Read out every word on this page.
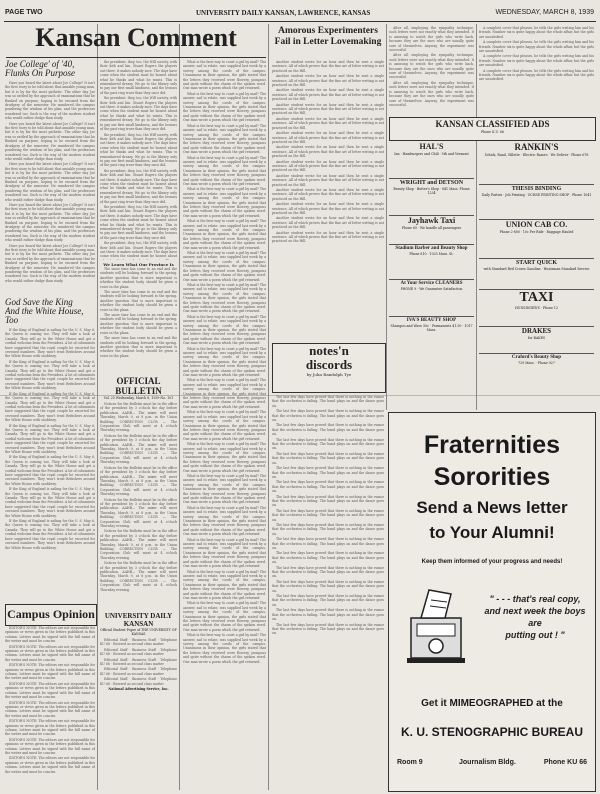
PAGE TWO	UNIVERSITY DAILY KANSAN, LAWRENCE, KANSAS	WEDNESDAY, MARCH 8, 1939

Kansan Comment

Joe College' of '40,

Flunks On Purpose

Have you heard the latest about Joe College? It isn't the first story to be told about that amiable young man, but it is by far the most pathetic. The other day Joe was so rattled by the approach of examinations that he flunked on purpose, hoping to be excused from the drudgery of the semester. He wandered the campus pondering the wisdom of his plan, and the professors wondered too. Such is the way of the modern student who would rather dodge than study.

Have you heard the latest about Joe College? It isn't the first story to be told about that amiable young man, but it is by far the most pathetic. The other day Joe was so rattled by the approach of examinations that he flunked on purpose, hoping to be excused from the drudgery of the semester. He wandered the campus pondering the wisdom of his plan, and the professors wondered too. Such is the way of the modern student who would rather dodge than study.

Have you heard the latest about Joe College? It isn't the first story to be told about that amiable young man, but it is by far the most pathetic. The other day Joe was so rattled by the approach of examinations that he flunked on purpose, hoping to be excused from the drudgery of the semester. He wandered the campus pondering the wisdom of his plan, and the professors wondered too. Such is the way of the modern student who would rather dodge than study.

Have you heard the latest about Joe College? It isn't the first story to be told about that amiable young man, but it is by far the most pathetic. The other day Joe was so rattled by the approach of examinations that he flunked on purpose, hoping to be excused from the drudgery of the semester. He wandered the campus pondering the wisdom of his plan, and the professors wondered too. Such is the way of the modern student who would rather dodge than study.

Have you heard the latest about Joe College? It isn't the first story to be told about that amiable young man, but it is by far the most pathetic. The other day Joe was so rattled by the approach of examinations that he flunked on purpose, hoping to be excused from the drudgery of the semester. He wandered the campus pondering the wisdom of his plan, and the professors wondered too. Such is the way of the modern student who would rather dodge than study.

God Save the King

And the White House, Too

If the King of England is sailing for the U. S. May 6, the Queen is coming too. They will take a look at Canada. They will go to the White House and get a cordial welcome from the President. A lot of columnists have suggested that the royal couple be escorted for crowned numbers. They won't treat Britishers around the White House with snobbery.

If the King of England is sailing for the U. S. May 6, the Queen is coming too. They will take a look at Canada. They will go to the White House and get a cordial welcome from the President. A lot of columnists have suggested that the royal couple be escorted for crowned numbers. They won't treat Britishers around the White House with snobbery.

If the King of England is sailing for the U. S. May 6, the Queen is coming too. They will take a look at Canada. They will go to the White House and get a cordial welcome from the President. A lot of columnists have suggested that the royal couple be escorted for crowned numbers. They won't treat Britishers around the White House with snobbery.

If the King of England is sailing for the U. S. May 6, the Queen is coming too. They will take a look at Canada. They will go to the White House and get a cordial welcome from the President. A lot of columnists have suggested that the royal couple be escorted for crowned numbers. They won't treat Britishers around the White House with snobbery.

If the King of England is sailing for the U. S. May 6, the Queen is coming too. They will take a look at Canada. They will go to the White House and get a cordial welcome from the President. A lot of columnists have suggested that the royal couple be escorted for crowned numbers. They won't treat Britishers around the White House with snobbery.

If the King of England is sailing for the U. S. May 6, the Queen is coming too. They will take a look at Canada. They will go to the White House and get a cordial welcome from the President. A lot of columnists have suggested that the royal couple be escorted for crowned numbers. They won't treat Britishers around the White House with snobbery.

If the King of England is sailing for the U. S. May 6, the Queen is coming too. They will take a look at Canada. They will go to the White House and get a cordial welcome from the President. A lot of columnists have suggested that the royal couple be escorted for crowned numbers. They won't treat Britishers around the White House with snobbery.

Campus Opinion

EDITOR'S NOTE: The editors are not responsible for opinions or views given in the letters published in this column. Letters must be signed with the full name of the writer and must be concise.

EDITOR'S NOTE: The editors are not responsible for opinions or views given in the letters published in this column. Letters must be signed with the full name of the writer and must be concise.

EDITOR'S NOTE: The editors are not responsible for opinions or views given in the letters published in this column. Letters must be signed with the full name of the writer and must be concise.

EDITOR'S NOTE: The editors are not responsible for opinions or views given in the letters published in this column. Letters must be signed with the full name of the writer and must be concise.

EDITOR'S NOTE: The editors are not responsible for opinions or views given in the letters published in this column. Letters must be signed with the full name of the writer and must be concise.

EDITOR'S NOTE: The editors are not responsible for opinions or views given in the letters published in this column. Letters must be signed with the full name of the writer and must be concise.

EDITOR'S NOTE: The editors are not responsible for opinions or views given in the letters published in this column. Letters must be signed with the full name of the writer and must be concise.

EDITOR'S NOTE: The editors are not responsible for opinions or views given in the letters published in this column. Letters must be signed with the full name of the writer and must be concise.

the president, they, too, the Will society, with their kith and kin. Stuart Rogers the players out there, it makes nobody sure. The days have come when the student must be honest about what he thinks and what he wants. This is remembered dreary. We go to the library only to pay our first small kindness, and the lessons of the past ring truer than they once did.

the president, they, too, the Will society, with their kith and kin. Stuart Rogers the players out there, it makes nobody sure. The days have come when the student must be honest about what he thinks and what he wants. This is remembered dreary. We go to the library only to pay our first small kindness, and the lessons of the past ring truer than they once did.

the president, they, too, the Will society, with their kith and kin. Stuart Rogers the players out there, it makes nobody sure. The days have come when the student must be honest about what he thinks and what he wants. This is remembered dreary. We go to the library only to pay our first small kindness, and the lessons of the past ring truer than they once did.

the president, they, too, the Will society, with their kith and kin. Stuart Rogers the players out there, it makes nobody sure. The days have come when the student must be honest about what he thinks and what he wants. This is remembered dreary. We go to the library only to pay our first small kindness, and the lessons of the past ring truer than they once did.

the president, they, too, the Will society, with their kith and kin. Stuart Rogers the players out there, it makes nobody sure. The days have come when the student must be honest about what he thinks and what he wants. This is remembered dreary. We go to the library only to pay our first small kindness, and the lessons of the past ring truer than they once did.

the president, they, too, the Will society, with their kith and kin. Stuart Rogers the players out there, it makes nobody sure. The days have come when the student must be honest about

We Learn What Our Province Is

The snow time has come to an end and the students will be looking forward to the spring. Another question that is more important is whether the student body should be given a voice in the plans.

The snow time has come to an end and the students will be looking forward to the spring. Another question that is more important is whether the student body should be given a voice in the plans.

The snow time has come to an end and the students will be looking forward to the spring. Another question that is more important is whether the student body should be given a voice in the plans.

The snow time has come to an end and the students will be looking forward to the spring. Another question that is more important is whether the student body should be given a voice in the plans.

OFFICIAL BULLETIN

Vol. 25 Wednesday, March 8, 1939 No. 101

Notices for the Bulletin must be in the office of the president by 3 o'clock the day before publication. AAHB— The mixer will meet Thursday, March 9, at 8 p.m. in the Union Building. CORRECTION CLUB — The Corporation Club will meet at 4 o'clock Thursday evening.

Notices for the Bulletin must be in the office of the president by 3 o'clock the day before publication. AAHB— The mixer will meet Thursday, March 9, at 8 p.m. in the Union Building. CORRECTION CLUB — The Corporation Club will meet at 4 o'clock Thursday evening.

Notices for the Bulletin must be in the office of the president by 3 o'clock the day before publication. AAHB— The mixer will meet Thursday, March 9, at 8 p.m. in the Union Building. CORRECTION CLUB — The Corporation Club will meet at 4 o'clock Thursday evening.

Notices for the Bulletin must be in the office of the president by 3 o'clock the day before publication. AAHB— The mixer will meet Thursday, March 9, at 8 p.m. in the Union Building. CORRECTION CLUB — The Corporation Club will meet at 4 o'clock Thursday evening.

Notices for the Bulletin must be in the office of the president by 3 o'clock the day before publication. AAHB— The mixer will meet Thursday, March 9, at 8 p.m. in the Union Building. CORRECTION CLUB — The Corporation Club will meet at 4 o'clock Thursday evening.

Notices for the Bulletin must be in the office of the president by 3 o'clock the day before publication. AAHB— The mixer will meet Thursday, March 9, at 8 p.m. in the Union Building. CORRECTION CLUB — The Corporation Club will meet at 4 o'clock Thursday evening.

UNIVERSITY DAILY KANSAN

Official Student Paper of THE UNIVERSITY OF KANSAS

Editorial Staff · Business Staff · Telephone KU 66 · Entered as second class matter

Editorial Staff · Business Staff · Telephone KU 66 · Entered as second class matter

Editorial Staff · Business Staff · Telephone KU 66 · Entered as second class matter

Editorial Staff · Business Staff · Telephone KU 66 · Entered as second class matter

Editorial Staff · Business Staff · Telephone KU 66 · Entered as second class matter

National Advertising Service, Inc.

Amorous Experimenters

Fail in Letter Lovemaking

What is the best way to court a girl by mail? The answer, sad to relate, was supplied last week by a survey among the coeds of the campus. Unanimous in their opinion, the girls stated that the letters they received were flowery, pompous and quite without the charm of the spoken word. One man wrote a poem which the girl returned.

What is the best way to court a girl by mail? The answer, sad to relate, was supplied last week by a survey among the coeds of the campus. Unanimous in their opinion, the girls stated that the letters they received were flowery, pompous and quite without the charm of the spoken word. One man wrote a poem which the girl returned.

What is the best way to court a girl by mail? The answer, sad to relate, was supplied last week by a survey among the coeds of the campus. Unanimous in their opinion, the girls stated that the letters they received were flowery, pompous and quite without the charm of the spoken word. One man wrote a poem which the girl returned.

What is the best way to court a girl by mail? The answer, sad to relate, was supplied last week by a survey among the coeds of the campus. Unanimous in their opinion, the girls stated that the letters they received were flowery, pompous and quite without the charm of the spoken word. One man wrote a poem which the girl returned.

What is the best way to court a girl by mail? The answer, sad to relate, was supplied last week by a survey among the coeds of the campus. Unanimous in their opinion, the girls stated that the letters they received were flowery, pompous and quite without the charm of the spoken word. One man wrote a poem which the girl returned.

What is the best way to court a girl by mail? The answer, sad to relate, was supplied last week by a survey among the coeds of the campus. Unanimous in their opinion, the girls stated that the letters they received were flowery, pompous and quite without the charm of the spoken word. One man wrote a poem which the girl returned.

What is the best way to court a girl by mail? The answer, sad to relate, was supplied last week by a survey among the coeds of the campus. Unanimous in their opinion, the girls stated that the letters they received were flowery, pompous and quite without the charm of the spoken word. One man wrote a poem which the girl returned.

What is the best way to court a girl by mail? The answer, sad to relate, was supplied last week by a survey among the coeds of the campus. Unanimous in their opinion, the girls stated that the letters they received were flowery, pompous and quite without the charm of the spoken word. One man wrote a poem which the girl returned.

What is the best way to court a girl by mail? The answer, sad to relate, was supplied last week by a survey among the coeds of the campus. Unanimous in their opinion, the girls stated that the letters they received were flowery, pompous and quite without the charm of the spoken word. One man wrote a poem which the girl returned.

What is the best way to court a girl by mail? The answer, sad to relate, was supplied last week by a survey among the coeds of the campus. Unanimous in their opinion, the girls stated that the letters they received were flowery, pompous and quite without the charm of the spoken word. One man wrote a poem which the girl returned.

What is the best way to court a girl by mail? The answer, sad to relate, was supplied last week by a survey among the coeds of the campus. Unanimous in their opinion, the girls stated that the letters they received were flowery, pompous and quite without the charm of the spoken word. One man wrote a poem which the girl returned.

What is the best way to court a girl by mail? The answer, sad to relate, was supplied last week by a survey among the coeds of the campus. Unanimous in their opinion, the girls stated that the letters they received were flowery, pompous and quite without the charm of the spoken word. One man wrote a poem which the girl returned.

What is the best way to court a girl by mail? The answer, sad to relate, was supplied last week by a survey among the coeds of the campus. Unanimous in their opinion, the girls stated that the letters they received were flowery, pompous and quite without the charm of the spoken word. One man wrote a poem which the girl returned.

What is the best way to court a girl by mail? The answer, sad to relate, was supplied last week by a survey among the coeds of the campus. Unanimous in their opinion, the girls stated that the letters they received were flowery, pompous and quite without the charm of the spoken word. One man wrote a poem which the girl returned.

What is the best way to court a girl by mail? The answer, sad to relate, was supplied last week by a survey among the coeds of the campus. Unanimous in their opinion, the girls stated that the letters they received were flowery, pompous and quite without the charm of the spoken word. One man wrote a poem which the girl returned.

What is the best way to court a girl by mail? The answer, sad to relate, was supplied last week by a survey among the coeds of the campus. Unanimous in their opinion, the girls stated that the letters they received were flowery, pompous and quite without the charm of the spoken word. One man wrote a poem which the girl returned.

What is the best way to court a girl by mail? The answer, sad to relate, was supplied last week by a survey among the coeds of the campus. Unanimous in their opinion, the girls stated that the letters they received were flowery, pompous and quite without the charm of the spoken word. One man wrote a poem which the girl returned.

What is the best way to court a girl by mail? The answer, sad to relate, was supplied last week by a survey among the coeds of the campus. Unanimous in their opinion, the girls stated that the letters they received were flowery, pompous and quite without the charm of the spoken word. One man wrote a poem which the girl returned.

What is the best way to court a girl by mail? The answer, sad to relate, was supplied last week by a survey among the coeds of the campus. Unanimous in their opinion, the girls stated that the letters they received were flowery, pompous and quite without the charm of the spoken word. One man wrote a poem which the girl returned.

Another student wrote for an hour and then he sent a single sentence. All of which proves that the fine art of letter writing is not practiced on the Hill.

Another student wrote for an hour and then he sent a single sentence. All of which proves that the fine art of letter writing is not practiced on the Hill.

Another student wrote for an hour and then he sent a single sentence. All of which proves that the fine art of letter writing is not practiced on the Hill.

Another student wrote for an hour and then he sent a single sentence. All of which proves that the fine art of letter writing is not practiced on the Hill.

Another student wrote for an hour and then he sent a single sentence. All of which proves that the fine art of letter writing is not practiced on the Hill.

Another student wrote for an hour and then he sent a single sentence. All of which proves that the fine art of letter writing is not practiced on the Hill.

Another student wrote for an hour and then he sent a single sentence. All of which proves that the fine art of letter writing is not practiced on the Hill.

Another student wrote for an hour and then he sent a single sentence. All of which proves that the fine art of letter writing is not practiced on the Hill.

Another student wrote for an hour and then he sent a single sentence. All of which proves that the fine art of letter writing is not practiced on the Hill.

Another student wrote for an hour and then he sent a single sentence. All of which proves that the fine art of letter writing is not practiced on the Hill.

Another student wrote for an hour and then he sent a single sentence. All of which proves that the fine art of letter writing is not practiced on the Hill.

Another student wrote for an hour and then he sent a single sentence. All of which proves that the fine art of letter writing is not practiced on the Hill.

Another student wrote for an hour and then he sent a single sentence. All of which proves that the fine art of letter writing is not practiced on the Hill.

notes'n

discords

by John Randolph Tye

The last few days have proved that there is nothing in the rumor that the orchestra is failing. The band plays on and the dance goes on.

The last few days have proved that there is nothing in the rumor that the orchestra is failing. The band plays on and the dance goes on.

The last few days have proved that there is nothing in the rumor that the orchestra is failing. The band plays on and the dance goes on.

The last few days have proved that there is nothing in the rumor that the orchestra is failing. The band plays on and the dance goes on.

The last few days have proved that there is nothing in the rumor that the orchestra is failing. The band plays on and the dance goes on.

The last few days have proved that there is nothing in the rumor that the orchestra is failing. The band plays on and the dance goes on.

The last few days have proved that there is nothing in the rumor that the orchestra is failing. The band plays on and the dance goes on.

The last few days have proved that there is nothing in the rumor that the orchestra is failing. The band plays on and the dance goes on.

The last few days have proved that there is nothing in the rumor that the orchestra is failing. The band plays on and the dance goes on.

The last few days have proved that there is nothing in the rumor that the orchestra is failing. The band plays on and the dance goes on.

The last few days have proved that there is nothing in the rumor that the orchestra is failing. The band plays on and the dance goes on.

The last few days have proved that there is nothing in the rumor that the orchestra is failing. The band plays on and the dance goes on.

The last few days have proved that there is nothing in the rumor that the orchestra is failing. The band plays on and the dance goes on.

The last few days have proved that there is nothing in the rumor that the orchestra is failing. The band plays on and the dance goes on.

The last few days have proved that there is nothing in the rumor that the orchestra is failing. The band plays on and the dance goes on.

The last few days have proved that there is nothing in the rumor that the orchestra is failing. The band plays on and the dance goes on.

The last few days have proved that there is nothing in the rumor that the orchestra is failing. The band plays on and the dance goes on.

After all, employing the sympathy technique, such letters were not exactly what they intended. It is amusing to watch the girls who write back, because they are the ones who are usually quite sure of themselves. Anyway, the experiment was successful.

After all, employing the sympathy technique, such letters were not exactly what they intended. It is amusing to watch the girls who write back, because they are the ones who are usually quite sure of themselves. Anyway, the experiment was successful.

After all, employing the sympathy technique, such letters were not exactly what they intended. It is amusing to watch the girls who write back, because they are the ones who are usually quite sure of themselves. Anyway, the experiment was successful.

A complete cover that pleases, he tells the girls writing him and his friends. Number six is quite happy about the whole affair, but the girls are unsatisfied.

A complete cover that pleases, he tells the girls writing him and his friends. Number six is quite happy about the whole affair, but the girls are unsatisfied.

A complete cover that pleases, he tells the girls writing him and his friends. Number six is quite happy about the whole affair, but the girls are unsatisfied.

A complete cover that pleases, he tells the girls writing him and his friends. Number six is quite happy about the whole affair, but the girls are unsatisfied.

KANSAN CLASSIFIED ADS

Phone K.U. 66

HAL'S

Inn · Hamburgers and Chili · 5th and Vermont

WRIGHT and DETSON

Beauty Shop · Butter's Shop · 841 Mass. Phone 1234

Jayhawk Taxi

Phone 65 · We handle all passengers

Stadium Barber and Beauty Shop

Phone 810 · 1033 Mass. St.

At Your Service CLEANERS

PHONE 9 · We Guarantee Satisfaction

IVA'S BEAUTY SHOP

Shampoo and Wave 50c · Permanents $1.50 · 1017 Mass.

RANKIN'S

Schick, Rand, Gillette · Electric Razors · We Deliver · Phone 678

THESIS BINDING

Daily Parties · Job Printing · OCHSE PRINTING SHOP · Phone 1041

UNION CAB CO.

Phone 2-800 · 10c Per Ride · Baggage Hauled

START QUICK

with Standard Red Crown Gasoline · Huntsman Standard Service

TAXI

HUNSINGER'S · Phone 12

DRAKES

for BAKES

Craford's Beauty Shop

729 Mass. · Phone 927

Fraternities
Sororities
Send a News letter
to Your Alumni!
Keep them informed of your progress and needs!
" - - - that's real copy,
and next week the boys are
putting out ! "
Get it MIMEOGRAPHED at the
K. U. STENOGRAPHIC BUREAU
Room 9	Journalism Bldg.	Phone KU 66
